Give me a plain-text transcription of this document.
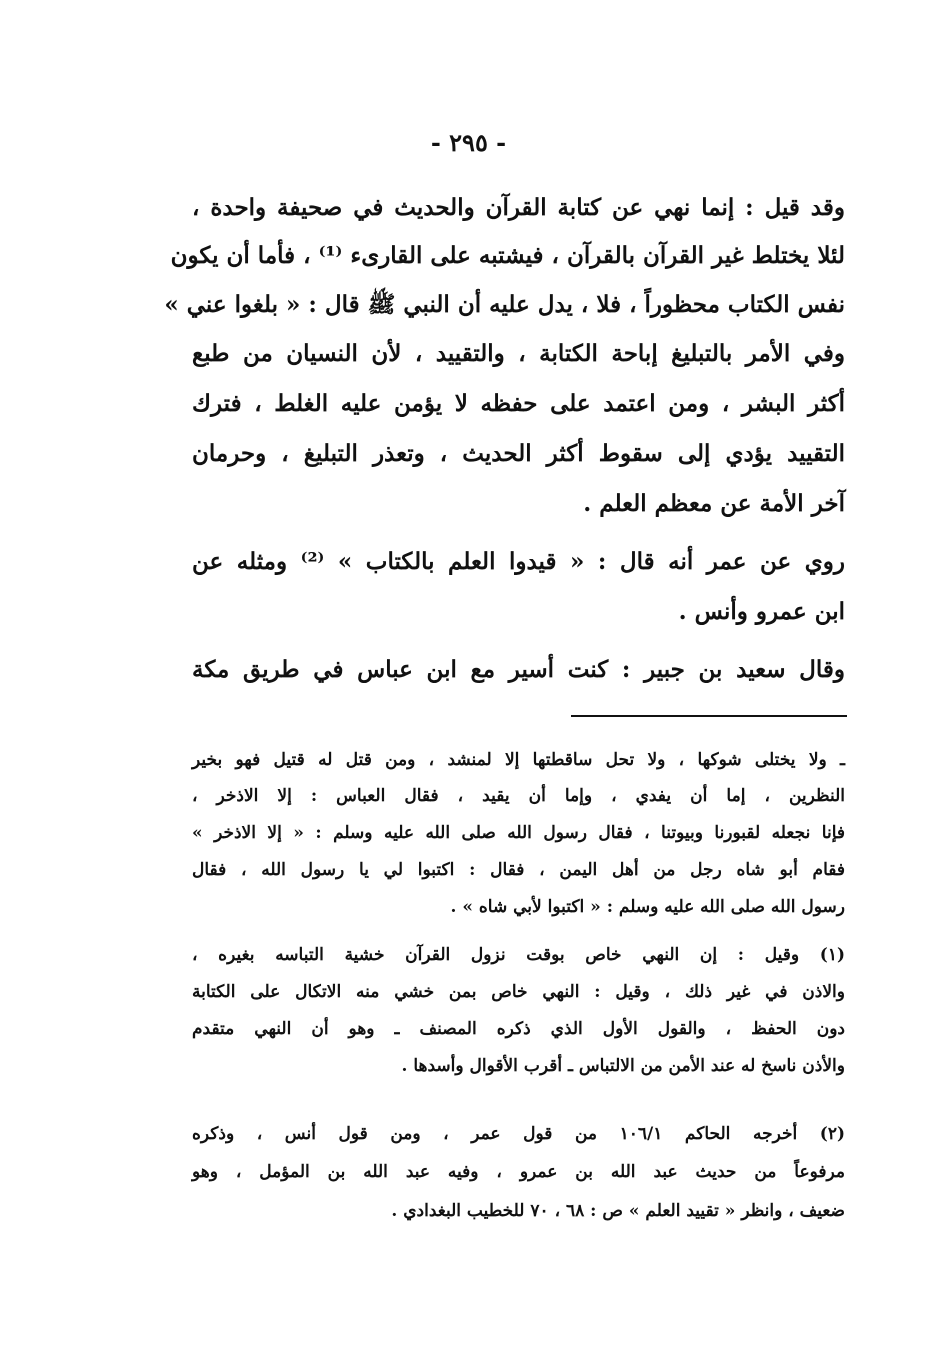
- ٢٩٥ -
وقد قيل : إنما نهي عن كتابة القرآن والحديث في صحيفة واحدة ،
لئلا يختلط غير القرآن بالقرآن ، فيشتبه على القارىء ⁽¹⁾ ، فأما أن يكون
نفس الكتاب محظوراً ، فلا ، يدل عليه أن النبي ﷺ قال : « بلغوا عني »
وفي الأمر بالتبليغ إباحة الكتابة ، والتقييد ، لأن النسيان من طبع
أكثر البشر ، ومن اعتمد على حفظه لا يؤمن عليه الغلط ، فترك
التقييد يؤدي إلى سقوط أكثر الحديث ، وتعذر التبليغ ، وحرمان
آخر الأمة عن معظم العلم .
روي عن عمر أنه قال : « قيدوا العلم بالكتاب » ⁽²⁾ ومثله عن
ابن عمرو وأنس .
وقال سعيد بن جبير : كنت أسير مع ابن عباس في طريق مكة
ـ ولا يختلى شوكها ، ولا تحل ساقطتها إلا لمنشد ، ومن قتل له قتيل فهو بخير
النظرين ، إما أن يفدي ، وإما أن يقيد ، فقال العباس : إلا الاذخر ،
فإنا نجعله لقبورنا وبيوتنا ، فقال رسول الله صلى الله عليه وسلم : « إلا الاذخر »
فقام أبو شاه رجل من أهل اليمن ، فقال : اكتبوا لي يا رسول الله ، فقال
رسول الله صلى الله عليه وسلم : « اكتبوا لأبي شاه » .
(١) وقيل : إن النهي خاص بوقت نزول القرآن خشية التباسه بغيره ،
والاذن في غير ذلك ، وقيل : النهي خاص بمن خشي منه الاتكال على الكتابة
دون الحفظ ، والقول الأول الذي ذكره المصنف ـ وهو أن النهي متقدم
والأذن ناسخ له عند الأمن من الالتباس ـ أقرب الأقوال وأسدها .
(٢) أخرجه الحاكم ١٠٦/١ من قول عمر ، ومن قول أنس ، وذكره
مرفوعاً من حديث عبد الله بن عمرو ، وفيه عبد الله بن المؤمل ، وهو
ضعيف ، وانظر « تقييد العلم » ص : ٦٨ ، ٧٠ للخطيب البغدادي .
